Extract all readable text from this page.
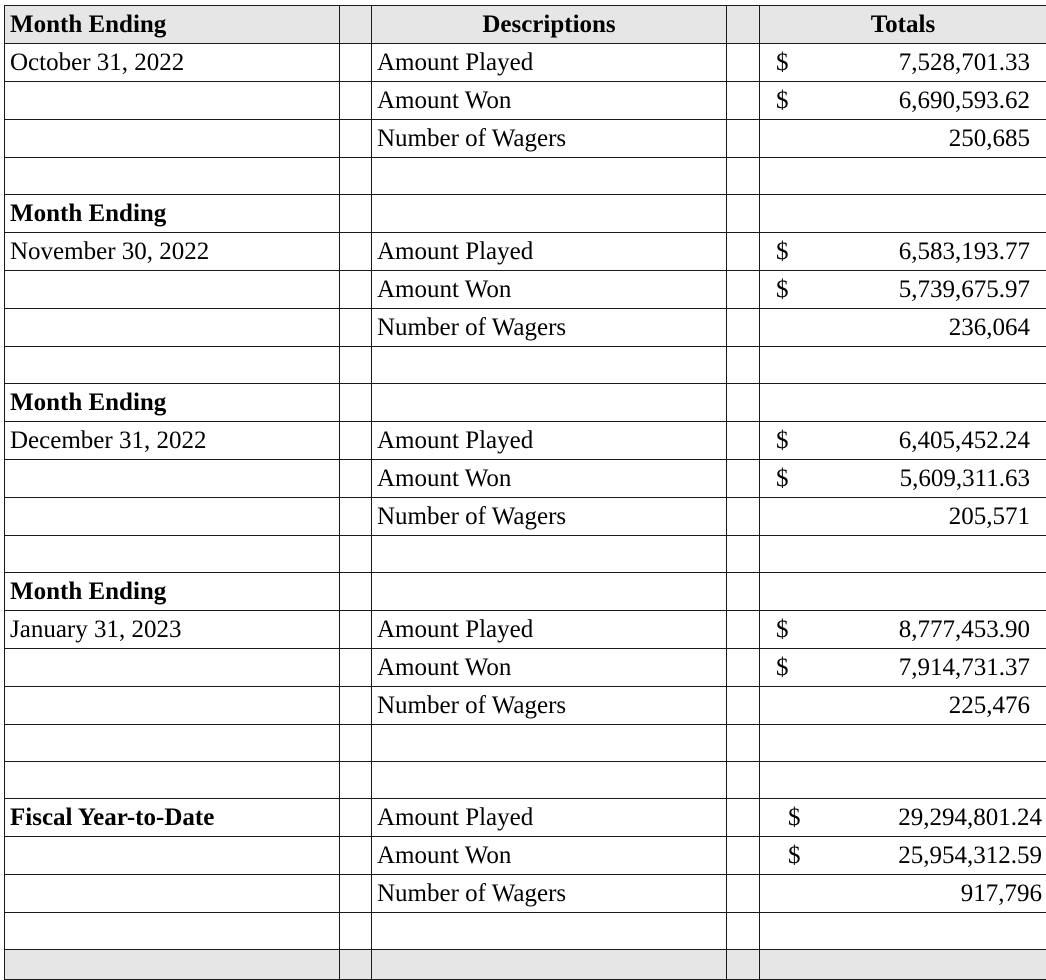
Month Ending		Descriptions		Totals
October 31, 2022		Amount Played		$ 7,528,701.33

		Amount Won		$ 6,690,593.62

		Number of Wagers		250,685

Month Ending				
November 30, 2022		Amount Played		$ 6,583,193.77

		Amount Won		$ 5,739,675.97

		Number of Wagers		236,064

Month Ending				
December 31, 2022		Amount Played		$ 6,405,452.24

		Amount Won		$ 5,609,311.63

		Number of Wagers		205,571

Month Ending				
January 31, 2023		Amount Played		$ 8,777,453.90

		Amount Won		$ 7,914,731.37

		Number of Wagers		225,476

Fiscal Year-to-Date		Amount Played		$ 29,294,801.24

		Amount Won		$ 25,954,312.59

		Number of Wagers		917,796
